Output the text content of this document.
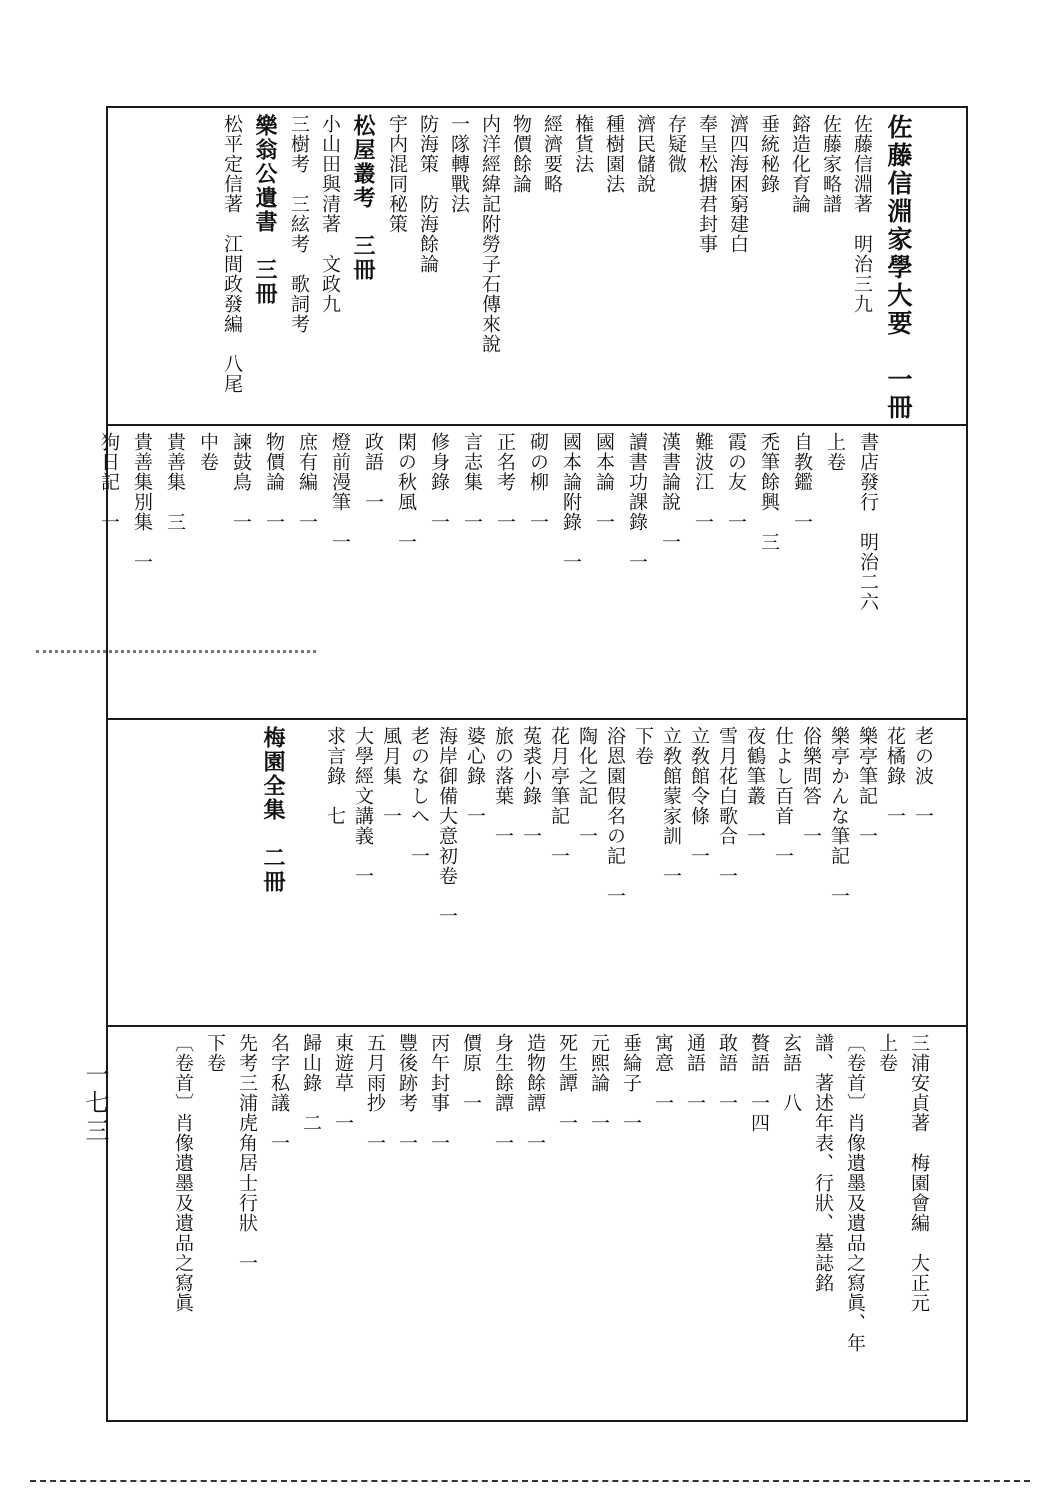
佐藤信淵家學大要　一冊
佐藤信淵著　明治三九
佐藤家略譜
鎔造化育論
垂統秘錄
濟四海困窮建白
奉呈松搪君封事
存疑微
濟民儲說
種樹園法
権貨法
經濟要略
物價餘論
内洋經緯記附勞子石傳來說
一隊轉戰法
防海策　防海餘論
宇内混同秘策
松屋叢考　三冊
小山田與清著　文政九
三樹考　三絃考　歌詞考
樂翁公遺書　三冊
松平定信著　江間政發編　八尾
書店發行　明治二六
上卷
自教鑑　一
禿筆餘興　三
霞の友　一
難波江　一
漢書論說　一
讀書功課錄　一
國本論　一
國本論附錄　一
砌の柳　一
正名考　一
言志集　一
修身錄　一
閑の秋風　一
政語　一
燈前漫筆　一
庶有編　一
物價論　一
諫鼓鳥　一
中卷
貴善集　三
貴善集別集　一
狗日記　一
老の波　一
花橘錄　一
樂亭筆記　一
樂亭かんな筆記　一
俗樂問答　一
仕よし百首　一
夜鶴筆叢　一
雪月花白歌合　一
立敎館令條　一
立敎館蒙家訓　一
下卷
浴恩園假名の記　一
陶化之記　一
花月亭筆記　一
菟裘小錄　一
旅の落葉　一
婆心錄　一
海岸御備大意初卷　一
老のなしへ　一
風月集　一
大學經文講義　一
求言錄　七
梅園全集　二冊
三浦安貞著　梅園會編　大正元
上卷
〔卷首〕肖像遺墨及遺品之寫眞、年
譜、著述年表、行狀、墓誌銘
玄語　八
贅語　一四
敢語　一
通語　一
寓意　一
垂綸子　一
元煕論　一
死生譚　一
造物餘譚　一
身生餘譚　一
價原　一
丙午封事　一
豐後跡考　一
五月雨抄　一
東遊草　一
歸山錄　二
名字私議　一
先考三浦虎角居士行狀　一
下卷
〔卷首〕肖像遺墨及遺品之寫眞
一七三
